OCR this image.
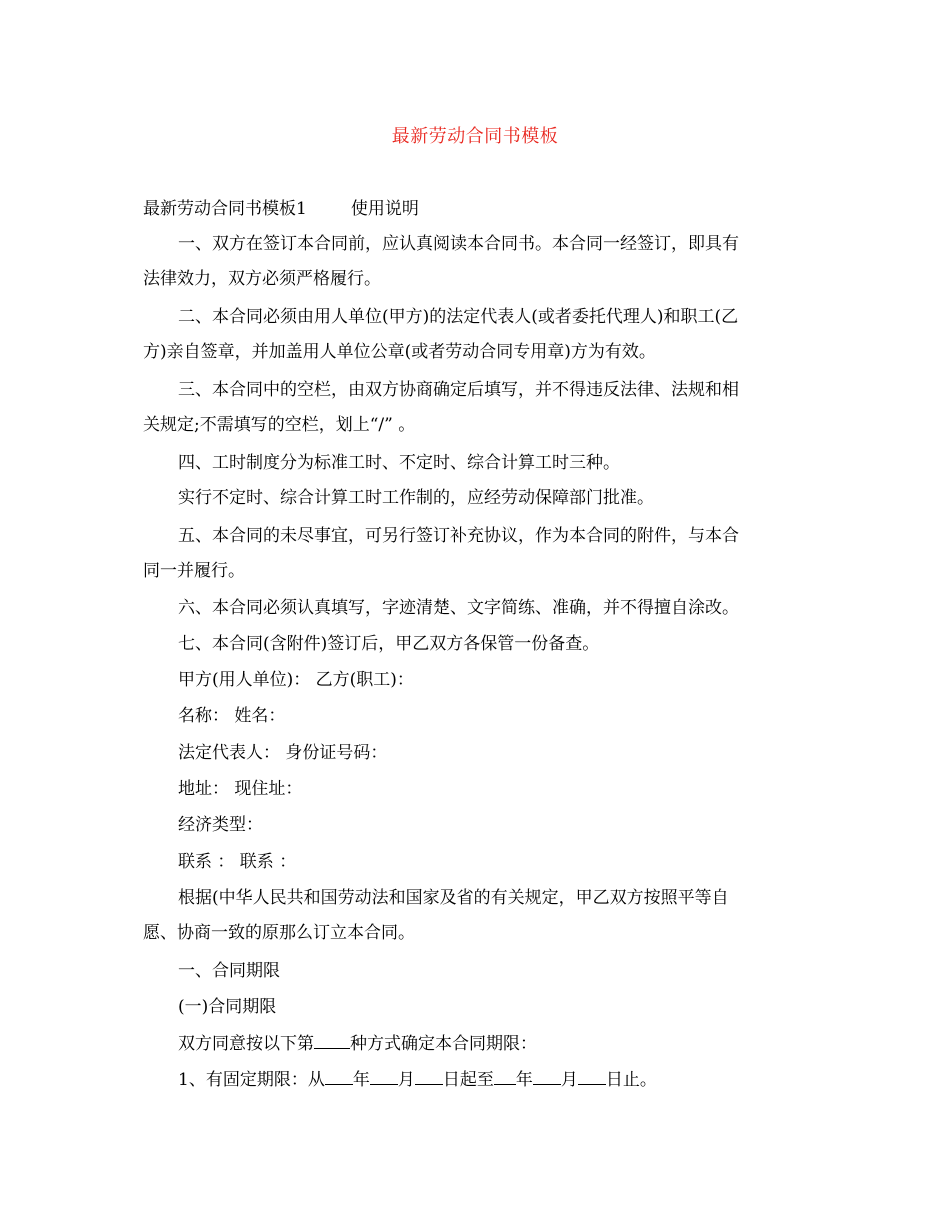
最新劳动合同书模板
最新劳动合同书模板1	使用说明
一、双方在签订本合同前，应认真阅读本合同书。本合同一经签订，即具有
法律效力，双方必须严格履行。
二、本合同必须由用人单位(甲方)的法定代表人(或者委托代理人)和职工(乙
方)亲自签章，并加盖用人单位公章(或者劳动合同专用章)方为有效。
三、本合同中的空栏，由双方协商确定后填写，并不得违反法律、法规和相
关规定;不需填写的空栏，划上“/” 。
四、工时制度分为标准工时、不定时、综合计算工时三种。
实行不定时、综合计算工时工作制的，应经劳动保障部门批准。
五、本合同的未尽事宜，可另行签订补充协议，作为本合同的附件，与本合
同一并履行。
六、本合同必须认真填写，字迹清楚、文字简练、准确，并不得擅自涂改。
七、本合同(含附件)签订后，甲乙双方各保管一份备查。
甲方(用人单位)： 乙方(职工)：
名称： 姓名：
法定代表人： 身份证号码：
地址： 现住址：
经济类型：
联系 ： 联系 ：
根据(中华人民共和国劳动法和国家及省的有关规定，甲乙双方按照平等自
愿、协商一致的原那么订立本合同。
一、合同期限
(一)合同期限
双方同意按以下第 种方式确定本合同期限：
1、有固定期限：从 年 月 日起至 年 月 日止。
